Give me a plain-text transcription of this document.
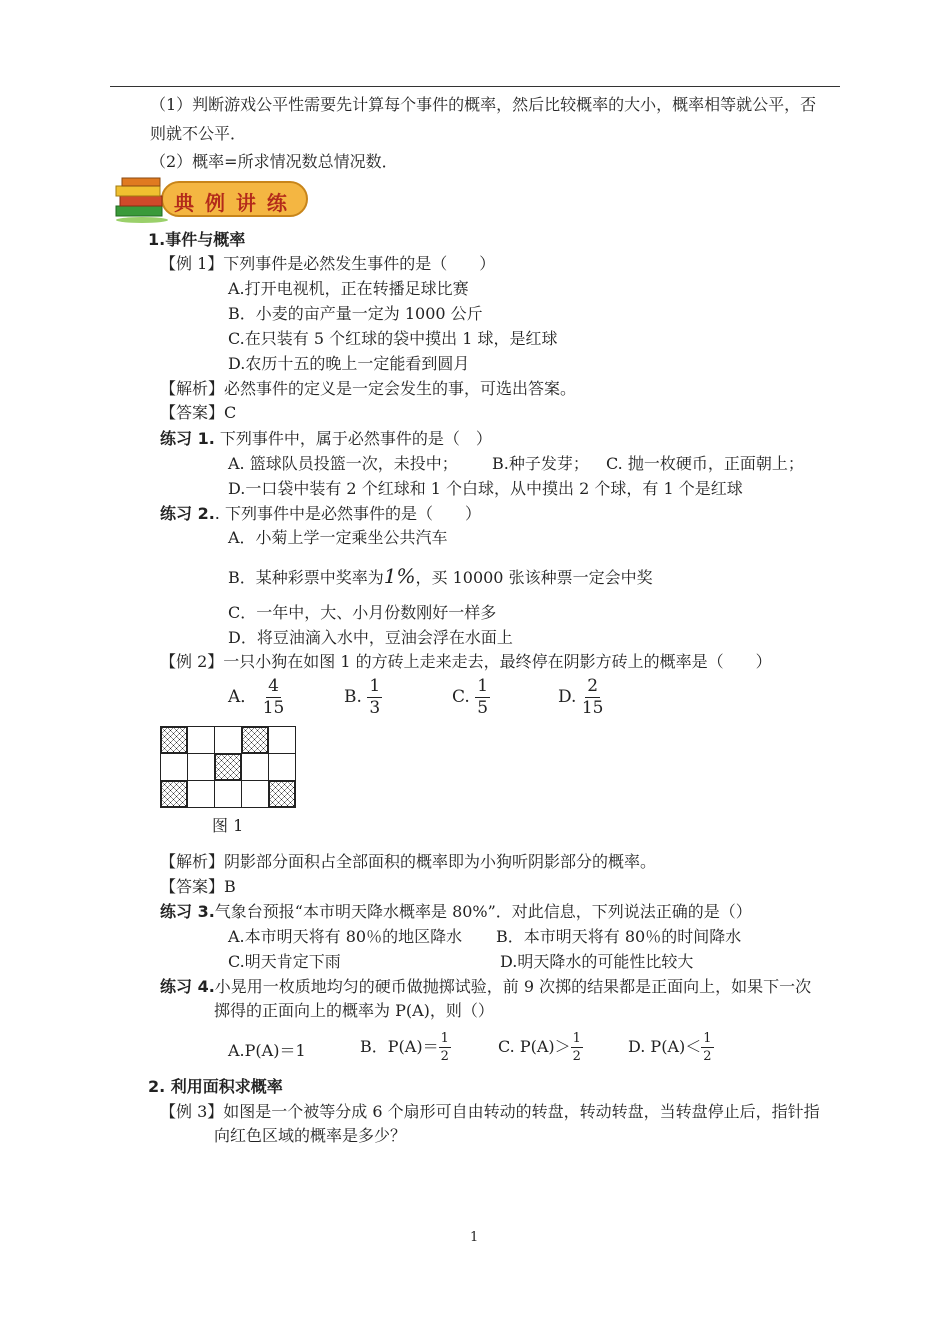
（1）判断游戏公平性需要先计算每个事件的概率，然后比较概率的大小，概率相等就公平，否
则就不公平．
（2）概率=所求情况数总情况数．
典 例 讲 练
1.事件与概率
【例 1】下列事件是必然发生事件的是（　　）
A.打开电视机，正在转播足球比赛
B．小麦的亩产量一定为 1000 公斤
C.在只装有 5 个红球的袋中摸出 1 球，是红球
D.农历十五的晚上一定能看到圆月
【解析】必然事件的定义是一定会发生的事，可选出答案。
【答案】C
练习 1. 下列事件中，属于必然事件的是（　）
A. 篮球队员投篮一次，未投中； B.种子发芽； C. 抛一枚硬币，正面朝上；
D.一口袋中装有 2 个红球和 1 个白球，从中摸出 2 个球，有 1 个是红球
练习 2.. 下列事件中是必然事件的是（　　）
A．小菊上学一定乘坐公共汽车
B．某种彩票中奖率为1%，买 10000 张该种票一定会中奖
C．一年中，大、小月份数刚好一样多
D．将豆油滴入水中，豆油会浮在水面上
【例 2】一只小狗在如图 1 的方砖上走来走去，最终停在阴影方砖上的概率是（　　）
A． $\frac{4}{15}$	B. $\frac{1}{3}$	C. $\frac{1}{5}$	D. $\frac{2}{15}$

图 1
【解析】阴影部分面积占全部面积的概率即为小狗听阴影部分的概率。
【答案】B
练习 3.气象台预报“本市明天降水概率是 80%”．对此信息，下列说法正确的是（）
A.本市明天将有 80％的地区降水 B．本市明天将有 80％的时间降水
C.明天肯定下雨	D.明天降水的可能性比较大
练习 4.小晃用一枚质地均匀的硬币做抛掷试验，前 9 次掷的结果都是正面向上，如果下一次
掷得的正面向上的概率为 P(A)，则（）
A.P(A)＝1	B．$P(A)= \frac{1}{2}$	C. $P(A)> \frac{1}{2}$	D. $P(A)< \frac{1}{2}$
2. 利用面积求概率
【例 3】如图是一个被等分成 6 个扇形可自由转动的转盘，转动转盘，当转盘停止后，指针指
向红色区域的概率是多少？
1
